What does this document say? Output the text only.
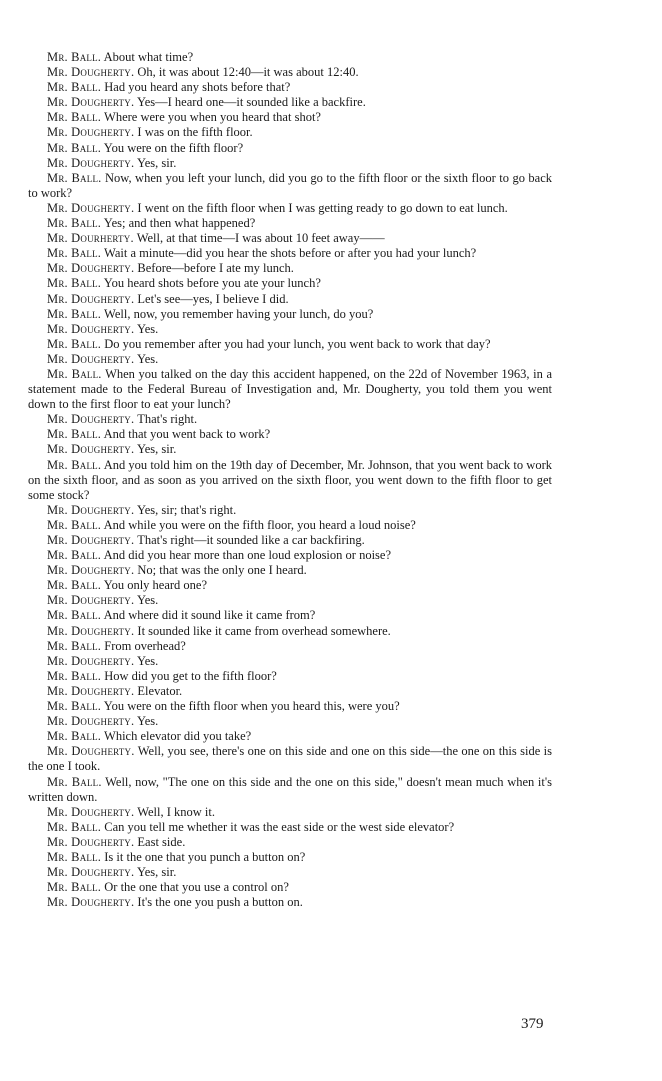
Mr. Ball. About what time?

Mr. Dougherty. Oh, it was about 12:40—it was about 12:40.

Mr. Ball. Had you heard any shots before that?

Mr. Dougherty. Yes—I heard one—it sounded like a backfire.

Mr. Ball. Where were you when you heard that shot?

Mr. Dougherty. I was on the fifth floor.

Mr. Ball. You were on the fifth floor?

Mr. Dougherty. Yes, sir.

Mr. Ball. Now, when you left your lunch, did you go to the fifth floor or the sixth floor to go back to work?

Mr. Dougherty. I went on the fifth floor when I was getting ready to go down to eat lunch.

Mr. Ball. Yes; and then what happened?

Mr. Dourherty. Well, at that time—I was about 10 feet away——

Mr. Ball. Wait a minute—did you hear the shots before or after you had your lunch?

Mr. Dougherty. Before—before I ate my lunch.

Mr. Ball. You heard shots before you ate your lunch?

Mr. Dougherty. Let's see—yes, I believe I did.

Mr. Ball. Well, now, you remember having your lunch, do you?

Mr. Dougherty. Yes.

Mr. Ball. Do you remember after you had your lunch, you went back to work that day?

Mr. Dougherty. Yes.

Mr. Ball. When you talked on the day this accident happened, on the 22d of November 1963, in a statement made to the Federal Bureau of Investigation and, Mr. Dougherty, you told them you went down to the first floor to eat your lunch?

Mr. Dougherty. That's right.

Mr. Ball. And that you went back to work?

Mr. Dougherty. Yes, sir.

Mr. Ball. And you told him on the 19th day of December, Mr. Johnson, that you went back to work on the sixth floor, and as soon as you arrived on the sixth floor, you went down to the fifth floor to get some stock?

Mr. Dougherty. Yes, sir; that's right.

Mr. Ball. And while you were on the fifth floor, you heard a loud noise?

Mr. Dougherty. That's right—it sounded like a car backfiring.

Mr. Ball. And did you hear more than one loud explosion or noise?

Mr. Dougherty. No; that was the only one I heard.

Mr. Ball. You only heard one?

Mr. Dougherty. Yes.

Mr. Ball. And where did it sound like it came from?

Mr. Dougherty. It sounded like it came from overhead somewhere.

Mr. Ball. From overhead?

Mr. Dougherty. Yes.

Mr. Ball. How did you get to the fifth floor?

Mr. Dougherty. Elevator.

Mr. Ball. You were on the fifth floor when you heard this, were you?

Mr. Dougherty. Yes.

Mr. Ball. Which elevator did you take?

Mr. Dougherty. Well, you see, there's one on this side and one on this side—the one on this side is the one I took.

Mr. Ball. Well, now, "The one on this side and the one on this side," doesn't mean much when it's written down.

Mr. Dougherty. Well, I know it.

Mr. Ball. Can you tell me whether it was the east side or the west side elevator?

Mr. Dougherty. East side.

Mr. Ball. Is it the one that you punch a button on?

Mr. Dougherty. Yes, sir.

Mr. Ball. Or the one that you use a control on?

Mr. Dougherty. It's the one you push a button on.

379
